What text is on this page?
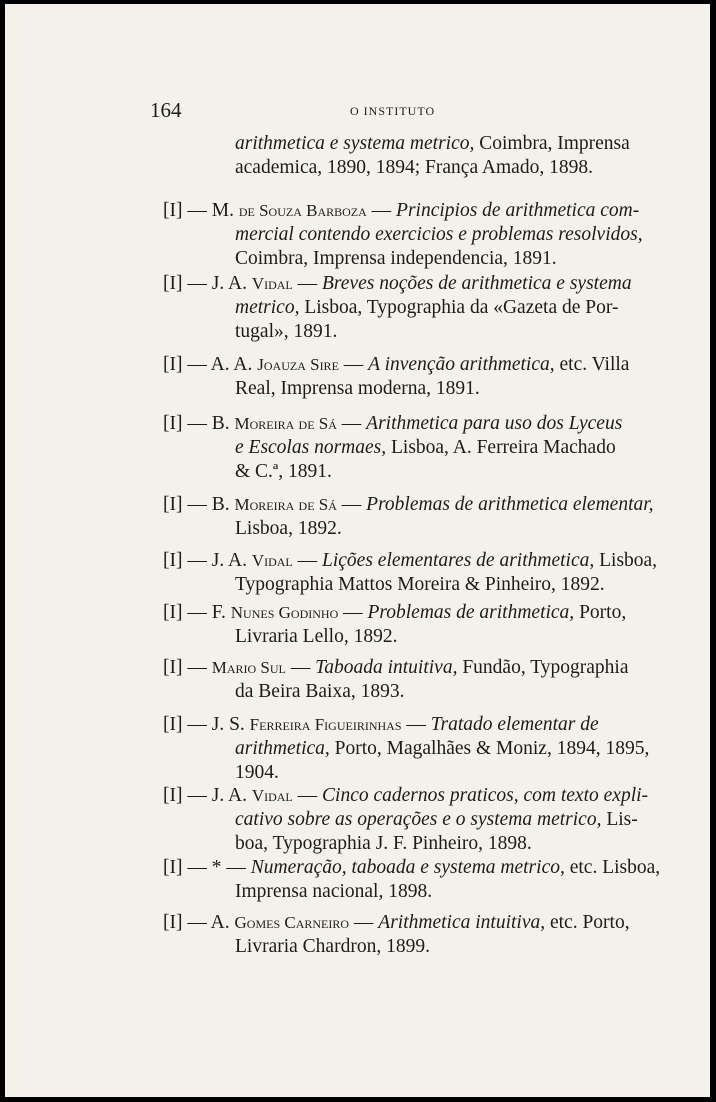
164	O INSTITUTO
arithmetica e systema metrico, Coimbra, Imprensa
academica, 1890, 1894; França Amado, 1898.
[I] — M. de Souza Barboza — Principios de arithmetica com-
mercial contendo exercicios e problemas resolvidos,
Coimbra, Imprensa independencia, 1891.
[I] — J. A. Vidal — Breves noções de arithmetica e systema
metrico, Lisboa, Typographia da «Gazeta de Por-
tugal», 1891.
[I] — A. A. Joauza Sire — A invenção arithmetica, etc. Villa
Real, Imprensa moderna, 1891.
[I] — B. Moreira de Sá — Arithmetica para uso dos Lyceus
e Escolas normaes, Lisboa, A. Ferreira Machado
& C.ª, 1891.
[I] — B. Moreira de Sá — Problemas de arithmetica elementar,
Lisboa, 1892.
[I] — J. A. Vidal — Lições elementares de arithmetica, Lisboa,
Typographia Mattos Moreira & Pinheiro, 1892.
[I] — F. Nunes Godinho — Problemas de arithmetica, Porto,
Livraria Lello, 1892.
[I] — Mario Sul — Taboada intuitiva, Fundão, Typographia
da Beira Baixa, 1893.
[I] — J. S. Ferreira Figueirinhas — Tratado elementar de
arithmetica, Porto, Magalhães & Moniz, 1894, 1895,
1904.
[I] — J. A. Vidal — Cinco cadernos praticos, com texto expli-
cativo sobre as operações e o systema metrico, Lis-
boa, Typographia J. F. Pinheiro, 1898.
[I] — * — Numeração, taboada e systema metrico, etc. Lisboa,
Imprensa nacional, 1898.
[I] — A. Gomes Carneiro — Arithmetica intuitiva, etc. Porto,
Livraria Chardron, 1899.
